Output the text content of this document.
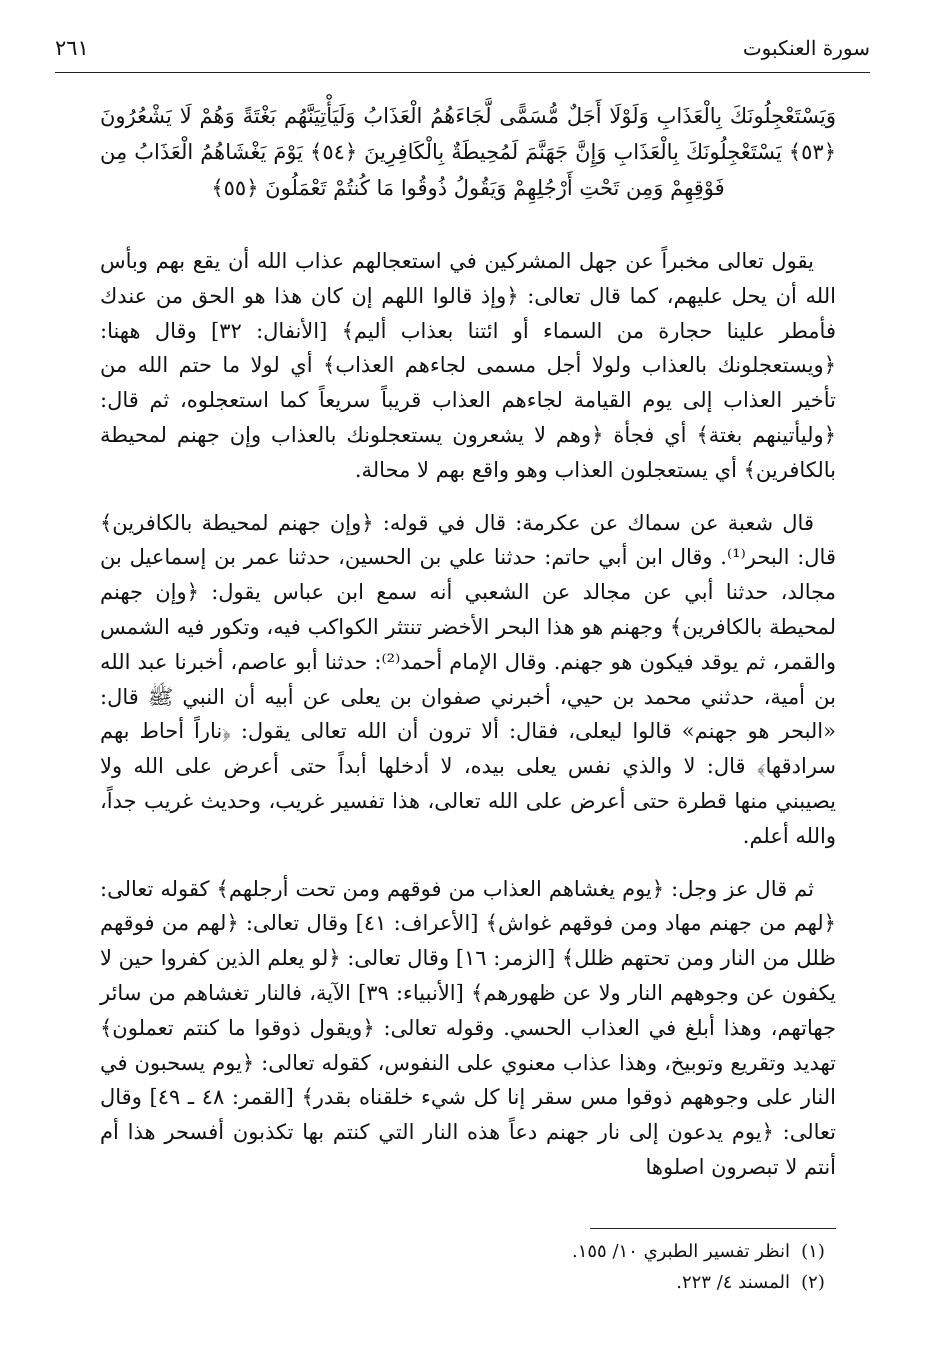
سورة العنكبوت
٢٦١
وَيَسْتَعْجِلُونَكَ بِالْعَذَابِ وَلَوْلَا أَجَلٌ مُّسَمًّى لَّجَاءَهُمُ الْعَذَابُ وَلَيَأْتِيَنَّهُم بَغْتَةً وَهُمْ لَا يَشْعُرُونَ ﴿٥٣﴾ يَسْتَعْجِلُونَكَ بِالْعَذَابِ وَإِنَّ جَهَنَّمَ لَمُحِيطَةٌ بِالْكَافِرِينَ ﴿٥٤﴾ يَوْمَ يَغْشَاهُمُ الْعَذَابُ مِن فَوْقِهِمْ وَمِن تَحْتِ أَرْجُلِهِمْ وَيَقُولُ ذُوقُوا مَا كُنتُمْ تَعْمَلُونَ ﴿٥٥﴾

يقول تعالى مخبراً عن جهل المشركين في استعجالهم عذاب الله أن يقع بهم وبأس الله أن يحل عليهم، كما قال تعالى: ﴿وإذ قالوا اللهم إن كان هذا هو الحق من عندك فأمطر علينا حجارة من السماء أو ائتنا بعذاب أليم﴾ [الأنفال: ٣٢] وقال ههنا: ﴿ويستعجلونك بالعذاب ولولا أجل مسمى لجاءهم العذاب﴾ أي لولا ما حتم الله من تأخير العذاب إلى يوم القيامة لجاءهم العذاب قريباً سريعاً كما استعجلوه، ثم قال: ﴿وليأتينهم بغتة﴾ أي فجأة ﴿وهم لا يشعرون يستعجلونك بالعذاب وإن جهنم لمحيطة بالكافرين﴾ أي يستعجلون العذاب وهو واقع بهم لا محالة.

قال شعبة عن سماك عن عكرمة: قال في قوله: ﴿وإن جهنم لمحيطة بالكافرين﴾ قال: البحر⁽¹⁾. وقال ابن أبي حاتم: حدثنا علي بن الحسين، حدثنا عمر بن إسماعيل بن مجالد، حدثنا أبي عن مجالد عن الشعبي أنه سمع ابن عباس يقول: ﴿وإن جهنم لمحيطة بالكافرين﴾ وجهنم هو هذا البحر الأخضر تنتثر الكواكب فيه، وتكور فيه الشمس والقمر، ثم يوقد فيكون هو جهنم. وقال الإمام أحمد⁽²⁾: حدثنا أبو عاصم، أخبرنا عبد الله بن أمية، حدثني محمد بن حيي، أخبرني صفوان بن يعلى عن أبيه أن النبي ﷺ قال: «البحر هو جهنم» قالوا ليعلى، فقال: ألا ترون أن الله تعالى يقول: ﴿ناراً أحاط بهم سرادقها﴾ قال: لا والذي نفس يعلى بيده، لا أدخلها أبداً حتى أعرض على الله ولا يصيبني منها قطرة حتى أعرض على الله تعالى، هذا تفسير غريب، وحديث غريب جداً، والله أعلم.

ثم قال عز وجل: ﴿يوم يغشاهم العذاب من فوقهم ومن تحت أرجلهم﴾ كقوله تعالى: ﴿لهم من جهنم مهاد ومن فوقهم غواش﴾ [الأعراف: ٤١] وقال تعالى: ﴿لهم من فوقهم ظلل من النار ومن تحتهم ظلل﴾ [الزمر: ١٦] وقال تعالى: ﴿لو يعلم الذين كفروا حين لا يكفون عن وجوههم النار ولا عن ظهورهم﴾ [الأنبياء: ٣٩] الآية، فالنار تغشاهم من سائر جهاتهم، وهذا أبلغ في العذاب الحسي. وقوله تعالى: ﴿ويقول ذوقوا ما كنتم تعملون﴾ تهديد وتقريع وتوبيخ، وهذا عذاب معنوي على النفوس، كقوله تعالى: ﴿يوم يسحبون في النار على وجوههم ذوقوا مس سقر إنا كل شيء خلقناه بقدر﴾ [القمر: ٤٨ ـ ٤٩] وقال تعالى: ﴿يوم يدعون إلى نار جهنم دعاً هذه النار التي كنتم بها تكذبون أفسحر هذا أم أنتم لا تبصرون اصلوها

(١)انظر تفسير الطبري ١٠/ ١٥٥.
(٢)المسند ٤/ ٢٢٣.
